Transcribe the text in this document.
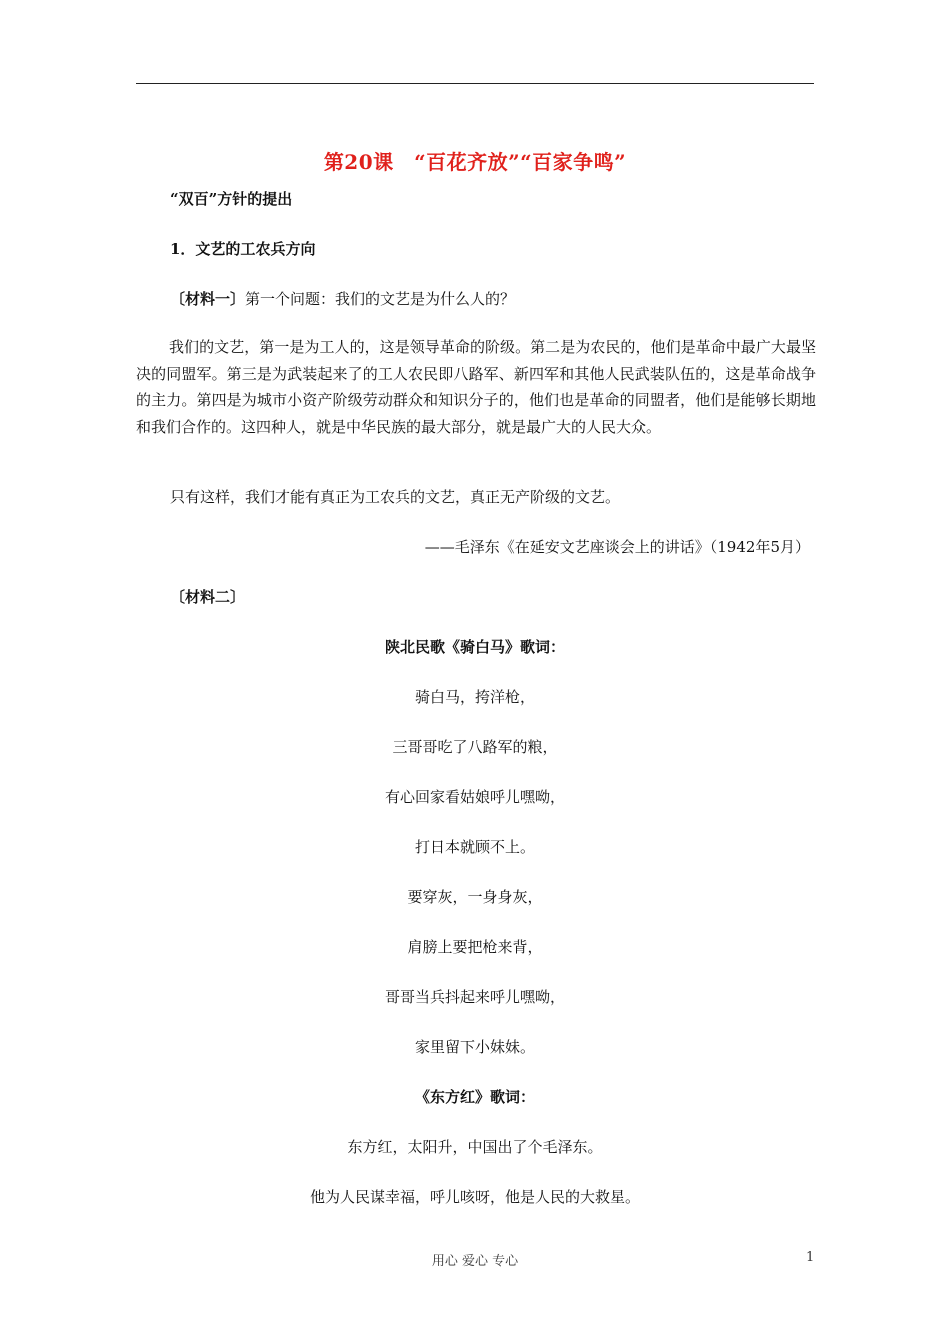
第20课　“百花齐放”“百家争鸣”
“双百”方针的提出
1．文艺的工农兵方向
〔材料一〕第一个问题：我们的文艺是为什么人的？
我们的文艺，第一是为工人的，这是领导革命的阶级。第二是为农民的，他们是革命中最广大最坚决的同盟军。第三是为武装起来了的工人农民即八路军、新四军和其他人民武装队伍的，这是革命战争的主力。第四是为城市小资产阶级劳动群众和知识分子的，他们也是革命的同盟者，他们是能够长期地和我们合作的。这四种人，就是中华民族的最大部分，就是最广大的人民大众。
只有这样，我们才能有真正为工农兵的文艺，真正无产阶级的文艺。
——毛泽东《在延安文艺座谈会上的讲话》（1942年5月）
〔材料二〕
陕北民歌《骑白马》歌词：
骑白马，挎洋枪，
三哥哥吃了八路军的粮，
有心回家看姑娘呼儿嘿呦，
打日本就顾不上。
要穿灰，一身身灰，
肩膀上要把枪来背，
哥哥当兵抖起来呼儿嘿呦，
家里留下小妹妹。
《东方红》歌词：
东方红，太阳升，中国出了个毛泽东。
他为人民谋幸福，呼儿咳呀，他是人民的大救星。
用心 爱心 专心	1
